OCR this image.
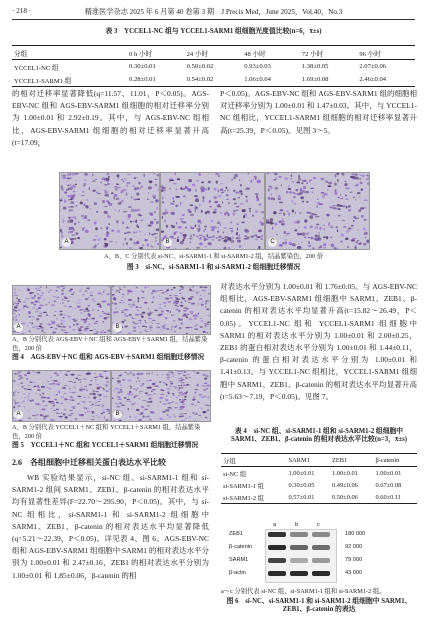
· 218 ·	精准医学杂志 2025 年 6 月第 40 卷第 3 期　J Precis Med，June 2025，Vol.40，No.3
表 3　YCCEL1-NC 组与 YCCEL1-SARM1 组细胞光度值比较(n=6，x̄±s)
分组	0 h 小时	24 小时	48 小时	72 小时	96 小时
YCCEL1-NC 组	0.30±0.01	0.50±0.02	0.93±0.03	1.38±0.05	2.07±0.06
YCCEL1-SARM1 组	0.28±0.01	0.54±0.02	1.06±0.04	1.69±0.08	2.46±0.04
的相对迁移率显著降低(q=11.57、11.01，P＜0.05)。AGS-EBV-NC 组和 AGS-EBV-SARM1 组细胞的相对迁移率分别为 1.00±0.01 和 2.92±0.19。其中，与 AGS-EBV-NC 组相比，AGS-EBV-SARM1 组细胞的相对迁移率显著升高(t=17.09，
P＜0.05)。AGS-EBV-NC 组和 AGS-EBV-SARM1 组的细胞相对迁移率分别为 1.00±0.01 和 1.47±0.03。其中，与 YCCEL1-NC 组相比，YCCEL1-SARM1 组细胞的相对迁移率显著升高(t=25.39，P＜0.05)。见图 3～5。
A	B	C
A、B、C 分别代表 si-NC、si-SARM1-1 和 si-SARM1-2 组，结晶紫染色，200 倍
图 3　si-NC、si-SARM1-1 和 si-SARM1-2 组细胞迁移情况
A	B
A、B 分别代表 AGS-EBV＋NC 组和 AGS-EBV＋SARM1 组，结晶紫染色，200 倍
图 4　AGS-EBV＋NC 组和 AGS-EBV＋SARM1 组细胞迁移情况
A	B
A、B 分别代表 YCCEL1＋NC 组和 YCCEL1＋SARM1 组，结晶紫染色，200 倍
图 5　YCCEL1＋NC 组和 YCCEL1＋SARM1 组细胞迁移情况
2.6　各组细胞中迁移相关蛋白表达水平比较
WB 实验结果显示，si-NC 组、si-SARM1-1 组和 si-SARM1-2 组间 SARM1、ZEB1、β-catenin 的相对表达水平均有显著性差异(F=22.70～295.90，P＜0.05)。其中，与 si-NC 组相比，si-SARM1-1 和 si-SARM1-2 组细胞中 SARM1、ZEB1、β-catenin 的相对表达水平均显著降低(q=5.21～22.39，P＜0.05)。详见表 4、图 6。AGS-EBV-NC 组和 AGS-EBV-SARM1 组细胞中 SARM1 的相对表达水平分别为 1.00±0.01 和 2.47±0.16，ZEB1 的相对表达水平分别为 1.00±0.01 和 1.85±0.06，β-catenin 的相
对表达水平分别为 1.00±0.01 和 1.76±0.05。与 AGS-EBV-NC 组相比，AGS-EBV-SARM1 组细胞中 SARM1、ZEB1、β-catenin 的相对表达水平均显著升高(t=15.82～26.49，P＜0.05)。YCCEL1-NC 组和 YCCEL1-SARM1 组细胞中 SARM1 的相对表达水平分别为 1.00±0.01 和 2.00±0.25，ZEB1 的蛋白相对表达水平分别为 1.00±0.01 和 1.44±0.11，β-catenin 的蛋白相对表达水平分别为 1.00±0.01 和 1.41±0.13。与 YCCEL1-NC 组相比，YCCEL1-SARM1 组细胞中 SARM1、ZEB1、β-catenin 的相对表达水平均显著升高(t=5.63～7.19，P＜0.05)。见图 7。
表 4　si-NC 组、si-SARM1-1 组和 si-SARM1-2 组细胞中 SARM1、ZEB1、β-catenin 的相对表达水平比较(n=3，x̄±s)
分组	SARM1	ZEB1	β-catenin
si-NC 组	1.00±0.01	1.00±0.01	1.00±0.01
si-SARM1-1 组	0.30±0.05	0.49±0.06	0.67±0.08
si-SARM1-2 组	0.57±0.01	0.50±0.06	0.60±0.11
a	b	c
ZEB1
β-catenin
SARM1
β-actin
180 000
92 000
79 000
43 000
a～c 分别代表 si-NC 组、si-SARM1-1 组和 si-SARM1-2 组。
图 6　si-NC、si-SARM1-1 和 si-SARM1-2 组细胞中 SARM1、ZEB1、β-catenin 的表达
